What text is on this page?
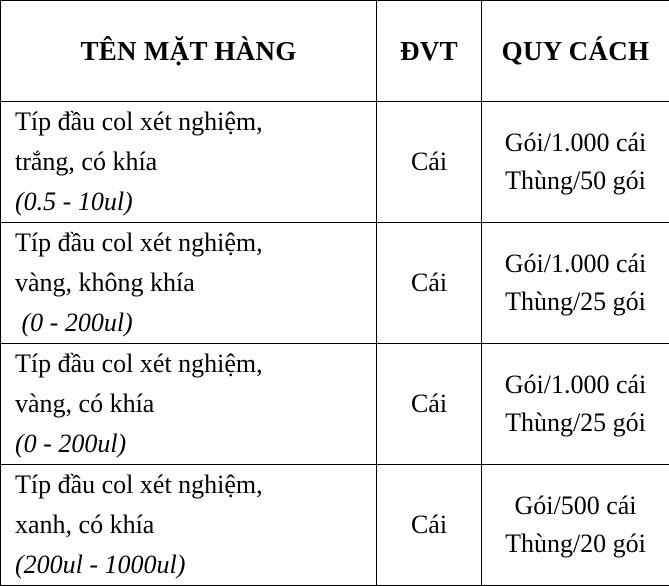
TÊN MẶT HÀNG	ĐVT	QUY CÁCH

Típ đầu col xét nghiệm,
trắng, có khía
(0.5 - 10ul)	Cái	Gói/1.000 cái
Thùng/50 gói

Típ đầu col xét nghiệm,
vàng, không khía
(0 - 200ul)	Cái	Gói/1.000 cái
Thùng/25 gói

Típ đầu col xét nghiệm,
vàng, có khía
(0 - 200ul)	Cái	Gói/1.000 cái
Thùng/25 gói

Típ đầu col xét nghiệm,
xanh, có khía
(200ul - 1000ul)	Cái	Gói/500 cái
Thùng/20 gói
